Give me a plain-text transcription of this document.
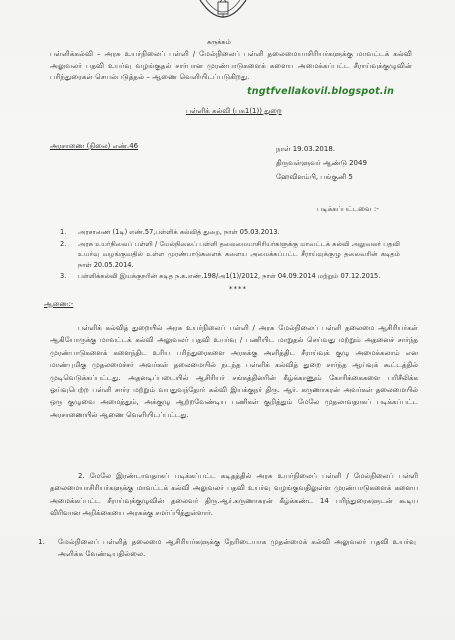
சுருக்கம்
பள்ளிக்கல்வி – அரசு உயர்நிலைப் பள்ளி / மேல்நிலைப் பள்ளி தலைமையாசிரியர்களுக்கு மாவட்டக் கல்வி அலுவலர் பதவி உயர்வு வழங்குதல் சார்பான முரண்பாடுகளைக் களைய அமைக்கப்பட்ட சீராய்வுக்குழுவின் பரிந்துரைகள் செயல்படுத்தல் – ஆணை வெளியிடப்படுகிறது.
tngtfvellakovil.blogspot.in
பள்ளிக் கல்வி (பக1(1)) துறை
அரசாணை (நிலை) எண்.46	நாள் 19.03.2018.
திருவள்ளுவர் ஆண்டு 2049
ஹேவிளம்பி, பங்குனி 5
படிக்கப்பட்டவை :-
1. அரசாணை (1டி) எண்.57,பள்ளிக் கல்வித் துறை, நாள் 05.03.2013.
2. அரசு உயர்நிலைப் பள்ளி / மேல்நிலைப் பள்ளி தலைமையாசிரியர்களுக்கு மாவட்டக் கல்வி அலுவலர் பதவி உயர்வு வழங்குவதில் உள்ள முரண்பாடுகளைக் களைய அமைக்கப்பட்ட சீராய்வுக்குழு தலைவரின் கடிதம் நாள் 20.05.2014.
3. பள்ளிக்கல்வி இயக்குநரின் கடித ந.க.எண்.198/அ1(1)/2012, நாள் 04.09.2014 மற்றும் 07.12.2015.
****
ஆணை:-
பள்ளிக் கல்வித் துறையில் அரசு உயர்நிலைப் பள்ளி / அரசு மேல்நிலைப் பள்ளி தலைமை ஆசிரியர்கள் ஆகியோருக்கு மாவட்டக் கல்வி அலுவலர் பதவி உயர்வு / பணியிட மாறுதல் செய்வது மற்றும் அதனைச் சார்ந்த முரண்பாடுகளைக் களைந்திட உரிய பரிந்துரைகளை அரசுக்கு அளித்திட சீராய்வுக் குழு அமைக்கலாம் என மாண்புமிகு முதலமைச்சர் அவர்கள் தலைமையில் நடந்த பள்ளிக் கல்வித் துறை சார்ந்த ஆய்வுக் கூட்டத்தில் முடிவெடுக்கப்பட்டது. அதனடிப்படையில் ஆசிரியர் சங்கத்தினரின் கீழ்க்காணும் கோரிக்கைகளை பரிசீலிக்க ஓய்வுபெற்ற பள்ளி சார்ர மற்றும் வயதுவந்தோர் கல்வி இயக்குநர் திரு. ஆர். கருணாகரன் அவர்கள் தலைமையில் ஒரு குழுவை அமைத்தும், அக்குழு ஆற்றவேண்டிய பணிகள் குறித்தும் மேலே முதலாவதாகப் படிக்கப்பட்ட அரசாணையில் ஆணை வெளியிடப்பட்டது.
2. மேலே இரண்டாவதாகப் படிக்கப்பட்ட கடிதத்தில் அரசு உயர்நிலைப் பள்ளி / மேல்நிலைப் பள்ளி தலைமையாசிரியர்களுக்கு மாவட்டக் கல்வி அலுவலர் பதவி உயர்வு வழங்குவதிலுள்ள முரண்பாடுகளைக் களைய அமைக்கப்பட்ட சீராய்வுக்குழுவின் தலைவர் திரு.ஆர்.கருணாகரன் கீழ்க்கண்ட 14 பரிந்துரைகளுடன் கூடிய விரிவான அறிக்கையை அரசுக்கு சமர்ப்பித்துள்ளார்.
1.	மேல்நிலைப் பள்ளித் தலைமை ஆசிரியர்களுக்கு நேரிடையாக முதன்மைக் கல்வி அலுவலர் பதவி உயர்வு அளிக்க வேண்டியதில்லை.
